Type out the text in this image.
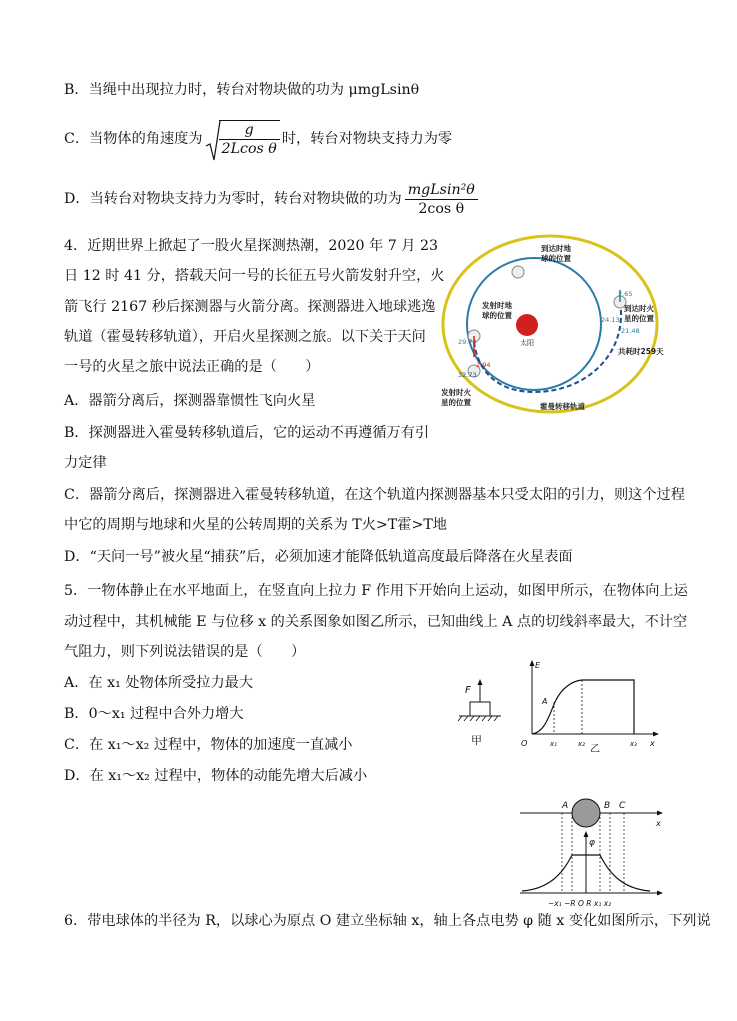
B．当绳中出现拉力时，转台对物块做的功为 μmgLsinθ
C．当物体的角速度为 $\frac{g}{\text{2Lcos θ}}$ 时，转台对物块支持力为零
D．当转台对物块支持力为零时，转台对物块做的功为 $\frac{\text{mgLsin²θ}}{\text{2cos θ}}$
4．近期世界上掀起了一股火星探测热潮，2020 年 7 月 23
日 12 时 41 分，搭载天问一号的长征五号火箭发射升空，火
箭飞行 2167 秒后探测器与火箭分离。探测器进入地球逃逸
轨道（霍曼转移轨道），开启火星探测之旅。以下关于天问
一号的火星之旅中说法正确的是（　　）
A．器箭分离后，探测器靠惯性飞向火星
B．探测器进入霍曼转移轨道后，它的运动不再遵循万有引
力定律
C．器箭分离后，探测器进入霍曼转移轨道，在这个轨道内探测器基本只受太阳的引力，则这个过程
中它的周期与地球和火星的公转周期的关系为 T火>T霍>T地
D．“天问一号”被火星“捕获”后，必须加速才能降低轨道高度最后降落在火星表面
到达时地
球的位置
发射时地
球的位置
太阳
到达时火
星的位置
共耗时259天
发射时火
星的位置	霍曼转移轨道
2.65
24.13
21.48
29.79
2.94
32.73
5．一物体静止在水平地面上，在竖直向上拉力 F 作用下开始向上运动，如图甲所示，在物体向上运
动过程中，其机械能 E 与位移 x 的关系图象如图乙所示，已知曲线上 A 点的切线斜率最大，不计空
气阻力，则下列说法错误的是（　　）
A．在 x₁ 处物体所受拉力最大
B．0～x₁ 过程中合外力增大
C．在 x₁～x₂ 过程中，物体的加速度一直减小
D．在 x₁～x₂ 过程中，物体的动能先增大后减小
F
甲
E
A
O	x₁	x₂	x₃ x
乙
A	B C
x
φ
−x₁ −R O R x₁ x₂
6．带电球体的半径为 R，以球心为原点 O 建立坐标轴 x，轴上各点电势 φ 随 x 变化如图所示，下列说
